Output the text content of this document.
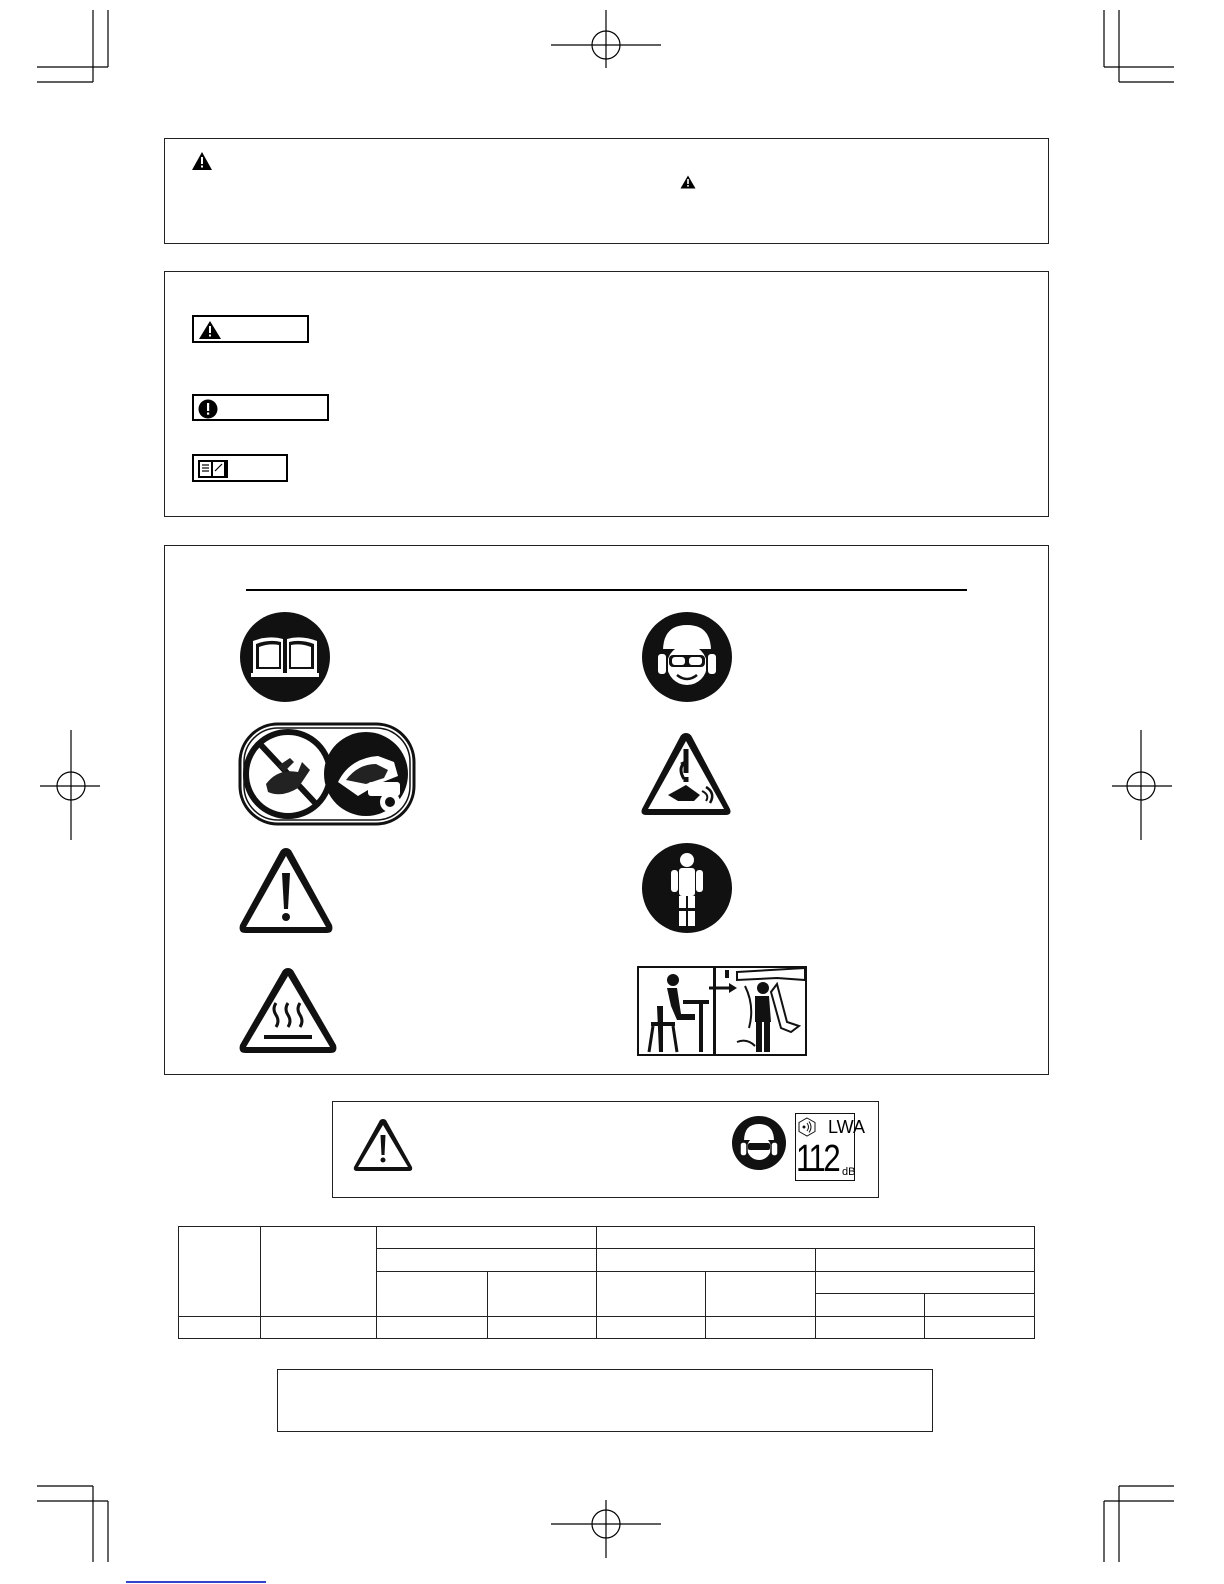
LWA
112 dB
